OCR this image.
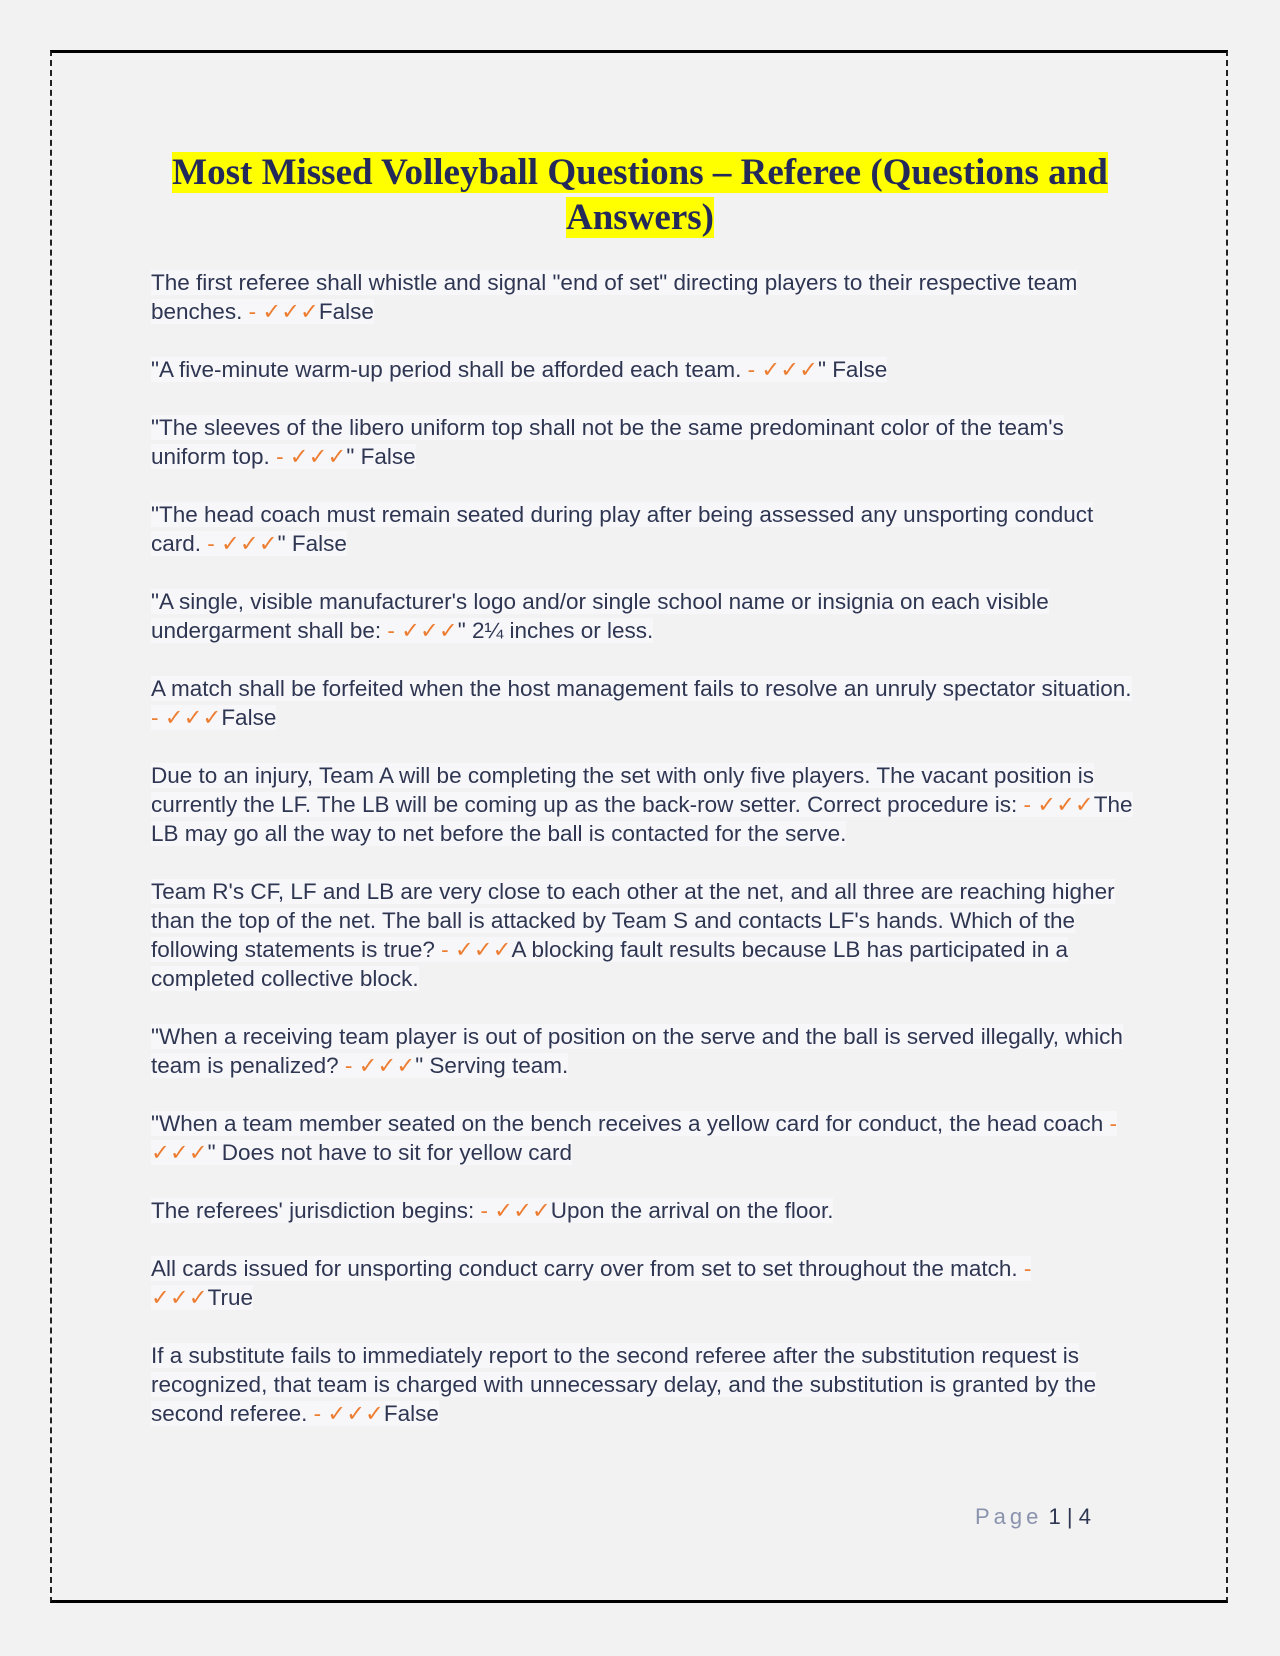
Most Missed Volleyball Questions – Referee (Questions and Answers)

The first referee shall whistle and signal "end of set" directing players to their respective team benches. - ✓✓✓False

"A five-minute warm-up period shall be afforded each team. - ✓✓✓" False

"The sleeves of the libero uniform top shall not be the same predominant color of the team's uniform top. - ✓✓✓" False

"The head coach must remain seated during play after being assessed any unsporting conduct card. - ✓✓✓" False

"A single, visible manufacturer's logo and/or single school name or insignia on each visible undergarment shall be: - ✓✓✓" 2¼ inches or less.

A match shall be forfeited when the host management fails to resolve an unruly spectator situation. - ✓✓✓False

Due to an injury, Team A will be completing the set with only five players. The vacant position is currently the LF. The LB will be coming up as the back-row setter. Correct procedure is: - ✓✓✓The LB may go all the way to net before the ball is contacted for the serve.

Team R's CF, LF and LB are very close to each other at the net, and all three are reaching higher than the top of the net. The ball is attacked by Team S and contacts LF's hands. Which of the following statements is true? - ✓✓✓A blocking fault results because LB has participated in a completed collective block.

"When a receiving team player is out of position on the serve and the ball is served illegally, which team is penalized? - ✓✓✓" Serving team.

"When a team member seated on the bench receives a yellow card for conduct, the head coach - ✓✓✓" Does not have to sit for yellow card

The referees' jurisdiction begins: - ✓✓✓Upon the arrival on the floor.

All cards issued for unsporting conduct carry over from set to set throughout the match. - ✓✓✓True

If a substitute fails to immediately report to the second referee after the substitution request is recognized, that team is charged with unnecessary delay, and the substitution is granted by the second referee. - ✓✓✓False

Page 1 | 4
